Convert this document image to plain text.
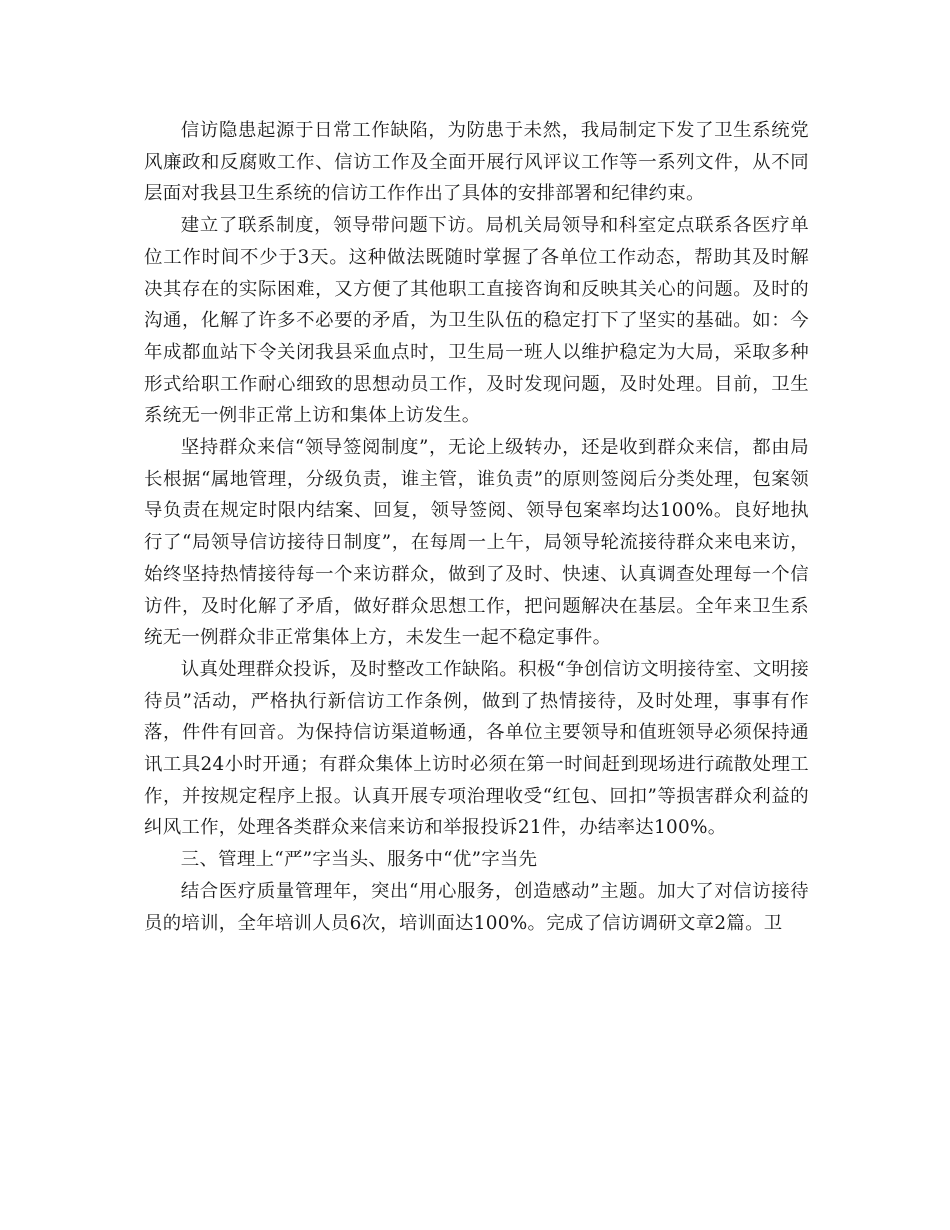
信访隐患起源于日常工作缺陷，为防患于未然，我局制定下发了卫生系统党风廉政和反腐败工作、信访工作及全面开展行风评议工作等一系列文件，从不同层面对我县卫生系统的信访工作作出了具体的安排部署和纪律约束。

建立了联系制度，领导带问题下访。局机关局领导和科室定点联系各医疗单位工作时间不少于3天。这种做法既随时掌握了各单位工作动态，帮助其及时解决其存在的实际困难，又方便了其他职工直接咨询和反映其关心的问题。及时的沟通，化解了许多不必要的矛盾，为卫生队伍的稳定打下了坚实的基础。如：今年成都血站下令关闭我县采血点时，卫生局一班人以维护稳定为大局，采取多种形式给职工作耐心细致的思想动员工作，及时发现问题，及时处理。目前，卫生系统无一例非正常上访和集体上访发生。

坚持群众来信“领导签阅制度”，无论上级转办，还是收到群众来信，都由局长根据“属地管理，分级负责，谁主管，谁负责”的原则签阅后分类处理，包案领导负责在规定时限内结案、回复，领导签阅、领导包案率均达100%。良好地执行了“局领导信访接待日制度”，在每周一上午，局领导轮流接待群众来电来访，始终坚持热情接待每一个来访群众，做到了及时、快速、认真调查处理每一个信访件，及时化解了矛盾，做好群众思想工作，把问题解决在基层。全年来卫生系统无一例群众非正常集体上方，未发生一起不稳定事件。

认真处理群众投诉，及时整改工作缺陷。积极“争创信访文明接待室、文明接待员”活动，严格执行新信访工作条例，做到了热情接待，及时处理，事事有作落，件件有回音。为保持信访渠道畅通，各单位主要领导和值班领导必须保持通讯工具24小时开通；有群众集体上访时必须在第一时间赶到现场进行疏散处理工作，并按规定程序上报。认真开展专项治理收受“红包、回扣”等损害群众利益的纠风工作，处理各类群众来信来访和举报投诉21件，办结率达100%。

三、管理上“严”字当头、服务中“优”字当先

结合医疗质量管理年，突出“用心服务，创造感动”主题。加大了对信访接待员的培训，全年培训人员6次，培训面达100%。完成了信访调研文章2篇。卫
